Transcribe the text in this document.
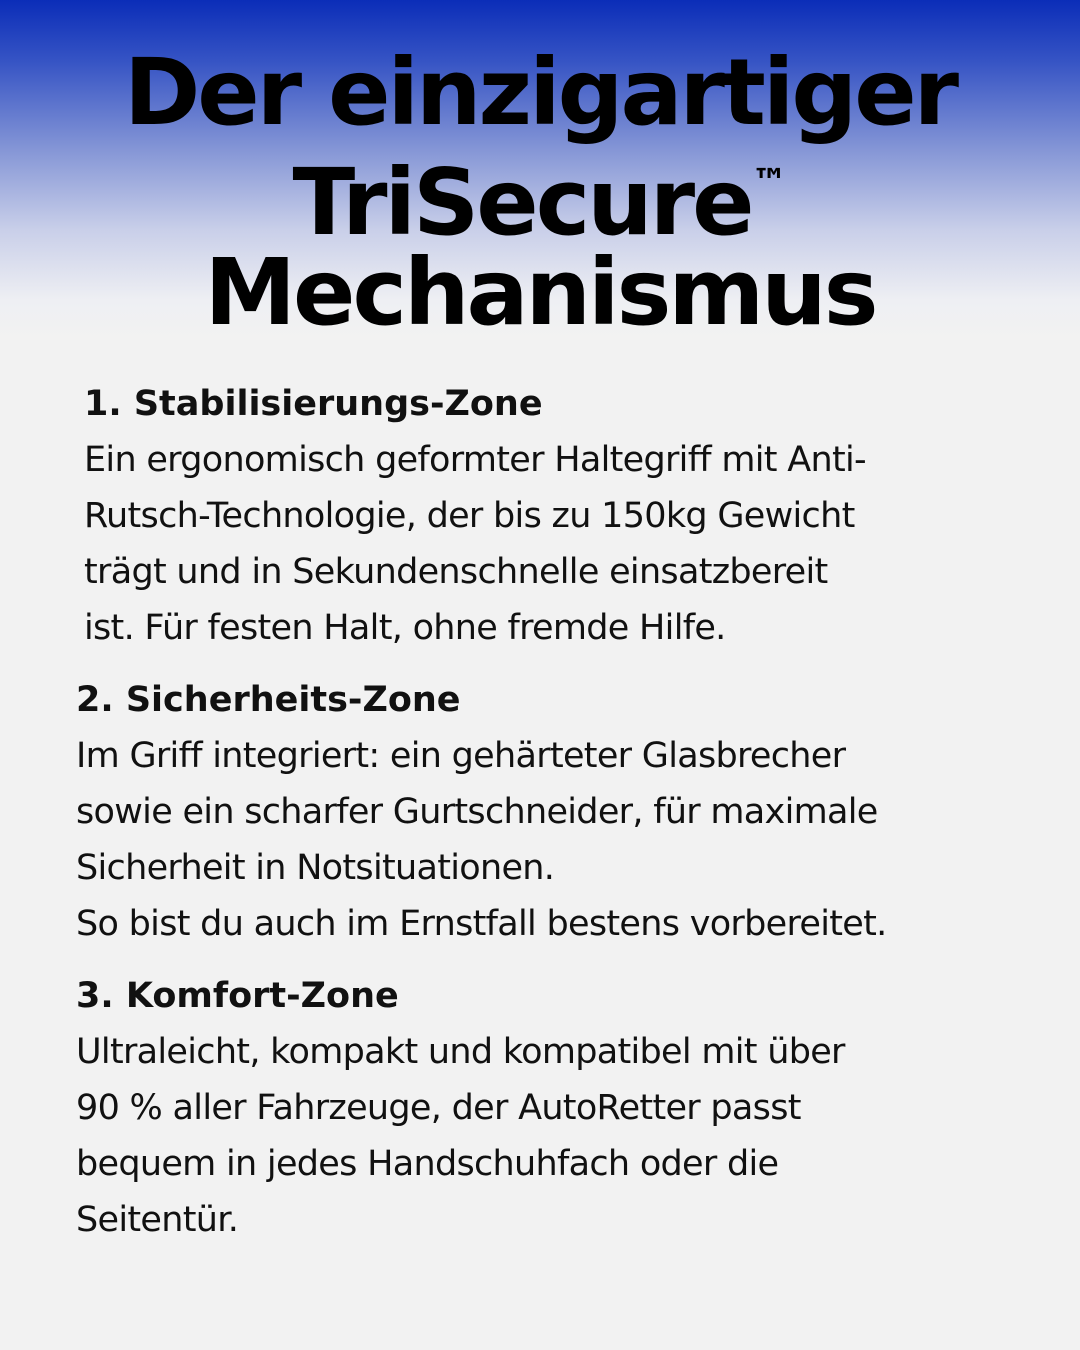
Der einzigartiger
TriSecure™
Mechanismus
1. Stabilisierungs-Zone

Ein ergonomisch geformter Haltegriff mit Anti-
Rutsch-Technologie, der bis zu 150kg Gewicht
trägt und in Sekundenschnelle einsatzbereit
ist. Für festen Halt, ohne fremde Hilfe.

2. Sicherheits-Zone

Im Griff integriert: ein gehärteter Glasbrecher
sowie ein scharfer Gurtschneider, für maximale
Sicherheit in Notsituationen.
So bist du auch im Ernstfall bestens vorbereitet.

3. Komfort-Zone

Ultraleicht, kompakt und kompatibel mit über
90 % aller Fahrzeuge, der AutoRetter passt
bequem in jedes Handschuhfach oder die
Seitentür.
